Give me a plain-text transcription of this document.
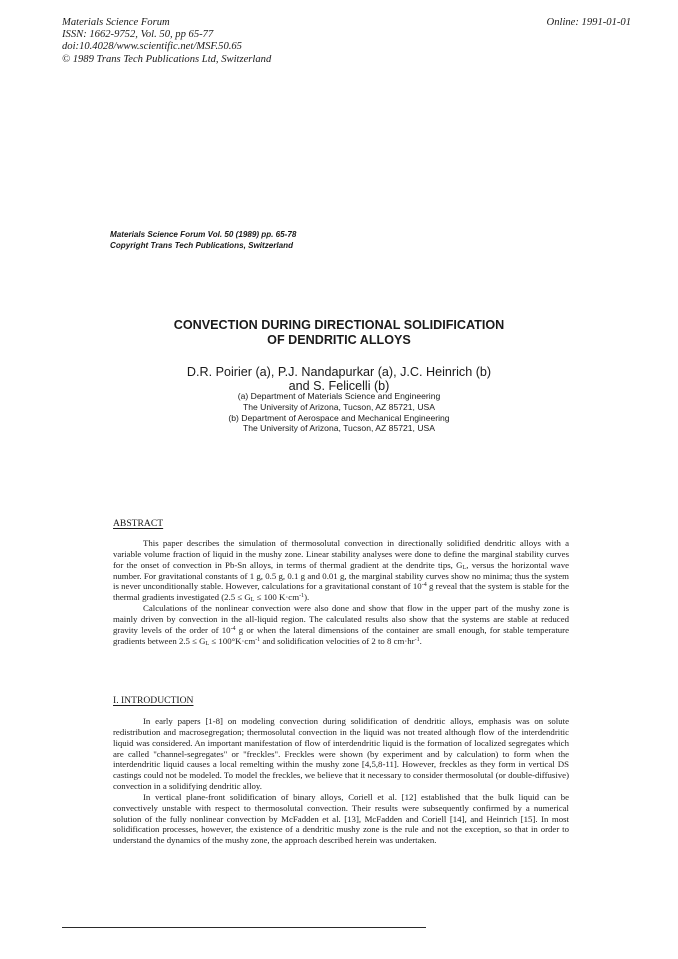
Materials Science Forum
ISSN: 1662-9752, Vol. 50, pp 65-77
doi:10.4028/www.scientific.net/MSF.50.65
© 1989 Trans Tech Publications Ltd, Switzerland
Online: 1991-01-01
Materials Science Forum Vol. 50 (1989) pp. 65-78
Copyright Trans Tech Publications, Switzerland
CONVECTION DURING DIRECTIONAL SOLIDIFICATION
OF DENDRITIC ALLOYS
D.R. Poirier (a), P.J. Nandapurkar (a), J.C. Heinrich (b)
and S. Felicelli (b)
(a) Department of Materials Science and Engineering
The University of Arizona, Tucson, AZ 85721, USA
(b) Department of Aerospace and Mechanical Engineering
The University of Arizona, Tucson, AZ 85721, USA
ABSTRACT

This paper describes the simulation of thermosolutal convection in directionally solidified dendritic alloys with a variable volume fraction of liquid in the mushy zone. Linear stability analyses were done to define the marginal stability curves for the onset of convection in Pb-Sn alloys, in terms of thermal gradient at the dendrite tips, $G_L$, versus the horizontal wave number. For gravitational constants of 1 g, 0.5 g, 0.1 g and 0.01 g, the marginal stability curves show no minima; thus the system is never unconditionally stable. However, calculations for a gravitational constant of $10^{-4}$ g reveal that the system is stable for the thermal gradients investigated ($2.5 \le G_L \le 100$ $K\cdot cm^{-1}$).

Calculations of the nonlinear convection were also done and show that flow in the upper part of the mushy zone is mainly driven by convection in the all-liquid region. The calculated results also show that the systems are stable at reduced gravity levels of the order of $10^{-4}$ g or when the lateral dimensions of the container are small enough, for stable temperature gradients between $2.5 \le G_L \le 100^\circ K\cdot cm^{-1}$ and solidification velocities of 2 to 8 $cm\cdot hr^{-1}$.

I. INTRODUCTION

In early papers [1-8] on modeling convection during solidification of dendritic alloys, emphasis was on solute redistribution and macrosegregation; thermosolutal convection in the liquid was not treated although flow of the interdendritic liquid was considered. An important manifestation of flow of interdendritic liquid is the formation of localized segregates which are called "channel-segregates" or "freckles". Freckles were shown (by experiment and by calculation) to form when the interdendritic liquid causes a local remelting within the mushy zone [4,5,8-11]. However, freckles as they form in vertical DS castings could not be modeled. To model the freckles, we believe that it necessary to consider thermosolutal (or double-diffusive) convection in a solidifying dendritic alloy.

In vertical plane-front solidification of binary alloys, Coriell et al. [12] established that the bulk liquid can be convectively unstable with respect to thermosolutal convection. Their results were subsequently confirmed by a numerical solution of the fully nonlinear convection by McFadden et al. [13], McFadden and Coriell [14], and Heinrich [15]. In most solidification processes, however, the existence of a dendritic mushy zone is the rule and not the exception, so that in order to understand the dynamics of the mushy zone, the approach described herein was undertaken.
